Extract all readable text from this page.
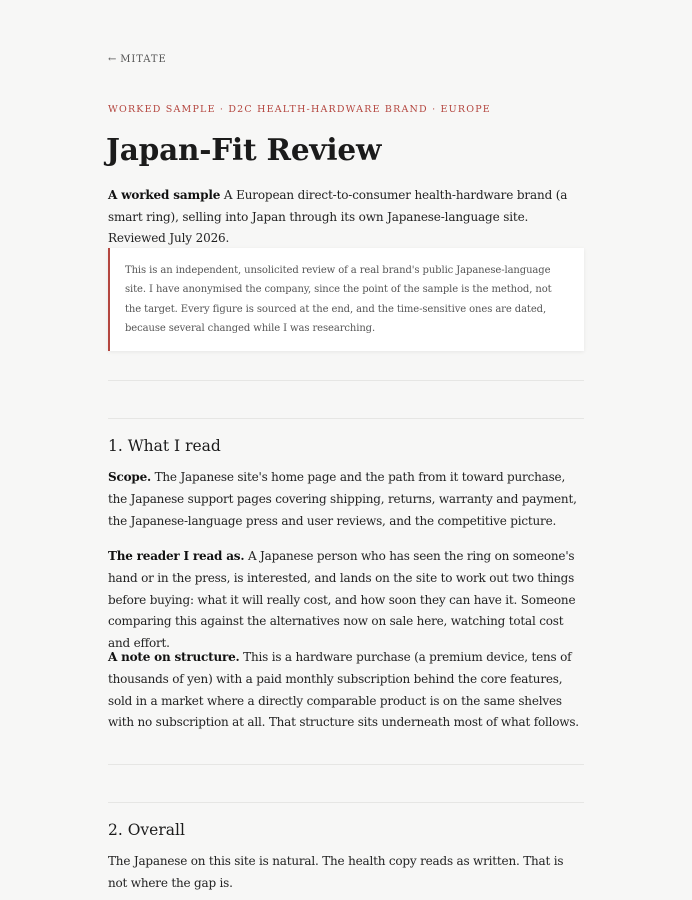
← MITATE
WORKED SAMPLE · D2C HEALTH-HARDWARE BRAND · EUROPE
Japan-Fit Review

A worked sample A European direct-to-consumer health-hardware brand (a smart ring), selling into Japan through its own Japanese-language site. Reviewed July 2026.

This is an independent, unsolicited review of a real brand's public Japanese-language site. I have anonymised the company, since the point of the sample is the method, not the target. Every figure is sourced at the end, and the time-sensitive ones are dated, because several changed while I was researching.

1. What I read

Scope. The Japanese site's home page and the path from it toward purchase, the Japanese support pages covering shipping, returns, warranty and payment, the Japanese-language press and user reviews, and the competitive picture.

The reader I read as. A Japanese person who has seen the ring on someone's hand or in the press, is interested, and lands on the site to work out two things before buying: what it will really cost, and how soon they can have it. Someone comparing this against the alternatives now on sale here, watching total cost and effort.

A note on structure. This is a hardware purchase (a premium device, tens of thousands of yen) with a paid monthly subscription behind the core features, sold in a market where a directly comparable product is on the same shelves with no subscription at all. That structure sits underneath most of what follows.

2. Overall

The Japanese on this site is natural. The health copy reads as written. That is not where the gap is.
